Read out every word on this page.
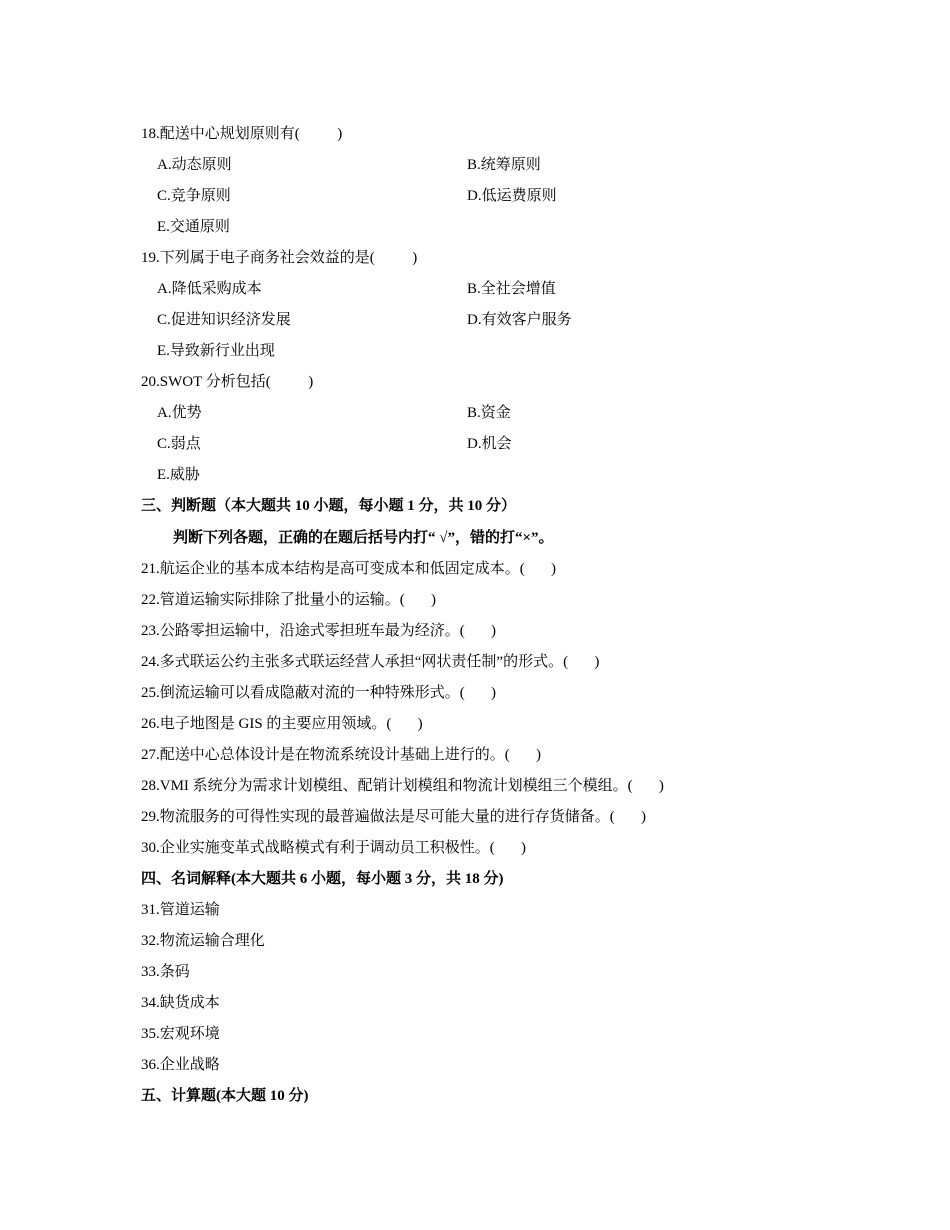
18.配送中心规划原则有(          )
A.动态原则	B.统筹原则
C.竞争原则	D.低运费原则
E.交通原则
19.下列属于电子商务社会效益的是(          )
A.降低采购成本	B.全社会增值
C.促进知识经济发展	D.有效客户服务
E.导致新行业出现
20.SWOT 分析包括(          )
A.优势	B.资金
C.弱点	D.机会
E.威胁
三、判断题（本大题共 10 小题，每小题 1 分，共 10 分）
判断下列各题，正确的在题后括号内打“ √”，错的打“×”。
21.航运企业的基本成本结构是高可变成本和低固定成本。(       )
22.管道运输实际排除了批量小的运输。(       )
23.公路零担运输中，沿途式零担班车最为经济。(       )
24.多式联运公约主张多式联运经营人承担“网状责任制”的形式。(       )
25.倒流运输可以看成隐蔽对流的一种特殊形式。(       )
26.电子地图是 GIS 的主要应用领域。(       )
27.配送中心总体设计是在物流系统设计基础上进行的。(       )
28.VMI 系统分为需求计划模组、配销计划模组和物流计划模组三个模组。(       )
29.物流服务的可得性实现的最普遍做法是尽可能大量的进行存货储备。(       )
30.企业实施变革式战略模式有利于调动员工积极性。(       )
四、名词解释(本大题共 6 小题，每小题 3 分，共 18 分)
31.管道运输
32.物流运输合理化
33.条码
34.缺货成本
35.宏观环境
36.企业战略
五、计算题(本大题 10 分)
